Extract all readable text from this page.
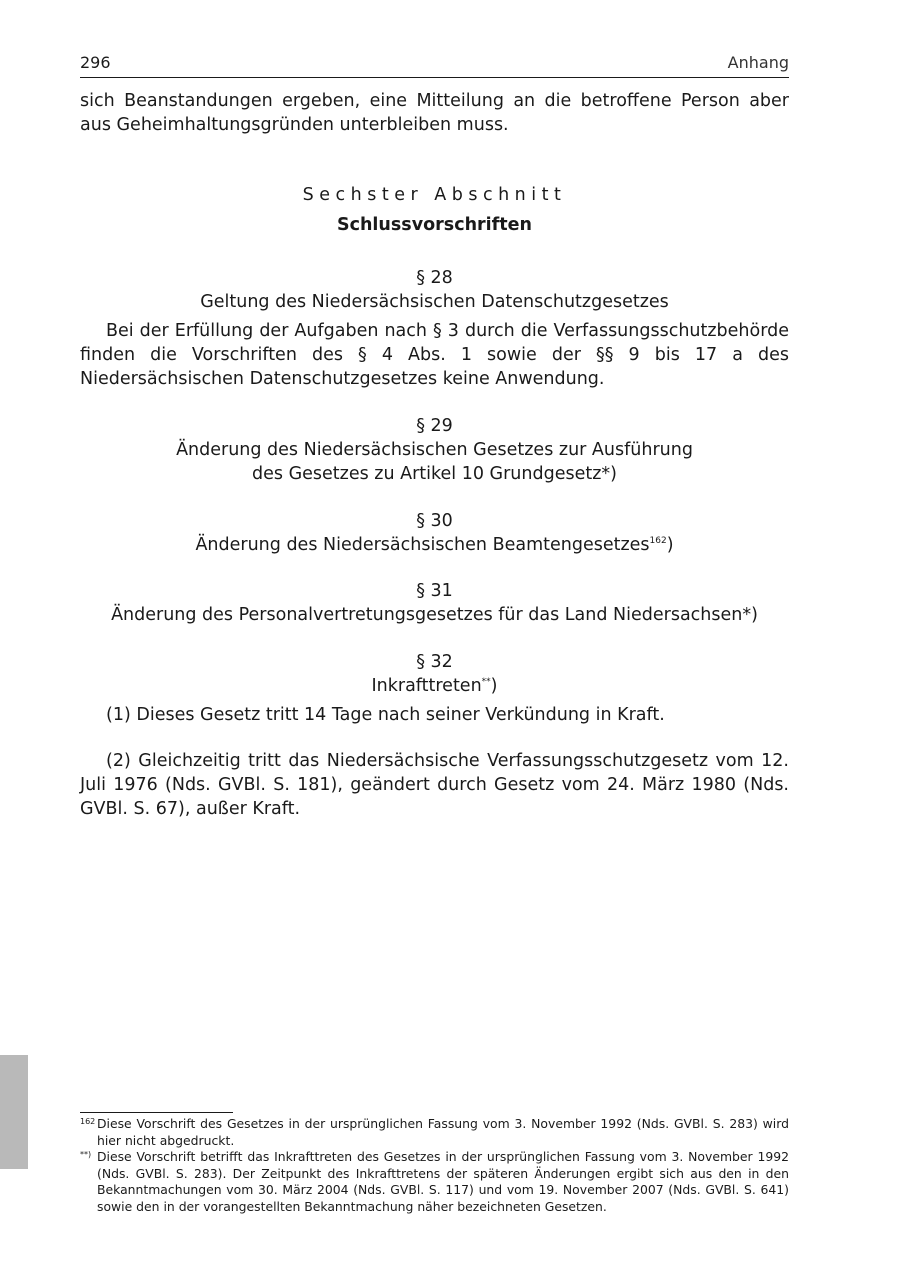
296	Anhang

sich Beanstandungen ergeben, eine Mitteilung an die betroffene Person aber aus Geheimhaltungsgründen unterbleiben muss.

Sechster Abschnitt

Schlussvorschriften

§ 28

Geltung des Niedersächsischen Datenschutzgesetzes

Bei der Erfüllung der Aufgaben nach § 3 durch die Verfassungsschutzbehörde finden die Vorschriften des § 4 Abs. 1 sowie der §§ 9 bis 17 a des Niedersächsischen Datenschutzgesetzes keine Anwendung.

§ 29

Änderung des Niedersächsischen Gesetzes zur Ausführung

des Gesetzes zu Artikel 10 Grundgesetz*)

§ 30

Änderung des Niedersächsischen Beamtengesetzes$^{162}$)

§ 31

Änderung des Personalvertretungsgesetzes für das Land Niedersachsen*)

§ 32

Inkrafttreten**)

(1) Dieses Gesetz tritt 14 Tage nach seiner Verkündung in Kraft.

(2) Gleichzeitig tritt das Niedersächsische Verfassungsschutzgesetz vom 12. Juli 1976 (Nds. GVBl. S. 181), geändert durch Gesetz vom 24. März 1980 (Nds. GVBl. S. 67), außer Kraft.

162 Diese Vorschrift des Gesetzes in der ursprünglichen Fassung vom 3. November 1992 (Nds. GVBl. S. 283) wird hier nicht abgedruckt.

**) Diese Vorschrift betrifft das Inkrafttreten des Gesetzes in der ursprünglichen Fassung vom 3. November 1992 (Nds. GVBl. S. 283). Der Zeitpunkt des Inkrafttretens der späteren Änderungen ergibt sich aus den in den Bekanntmachungen vom 30. März 2004 (Nds. GVBl. S. 117) und vom 19. November 2007 (Nds. GVBl. S. 641) sowie den in der vorangestellten Bekanntmachung näher bezeichneten Gesetzen.
